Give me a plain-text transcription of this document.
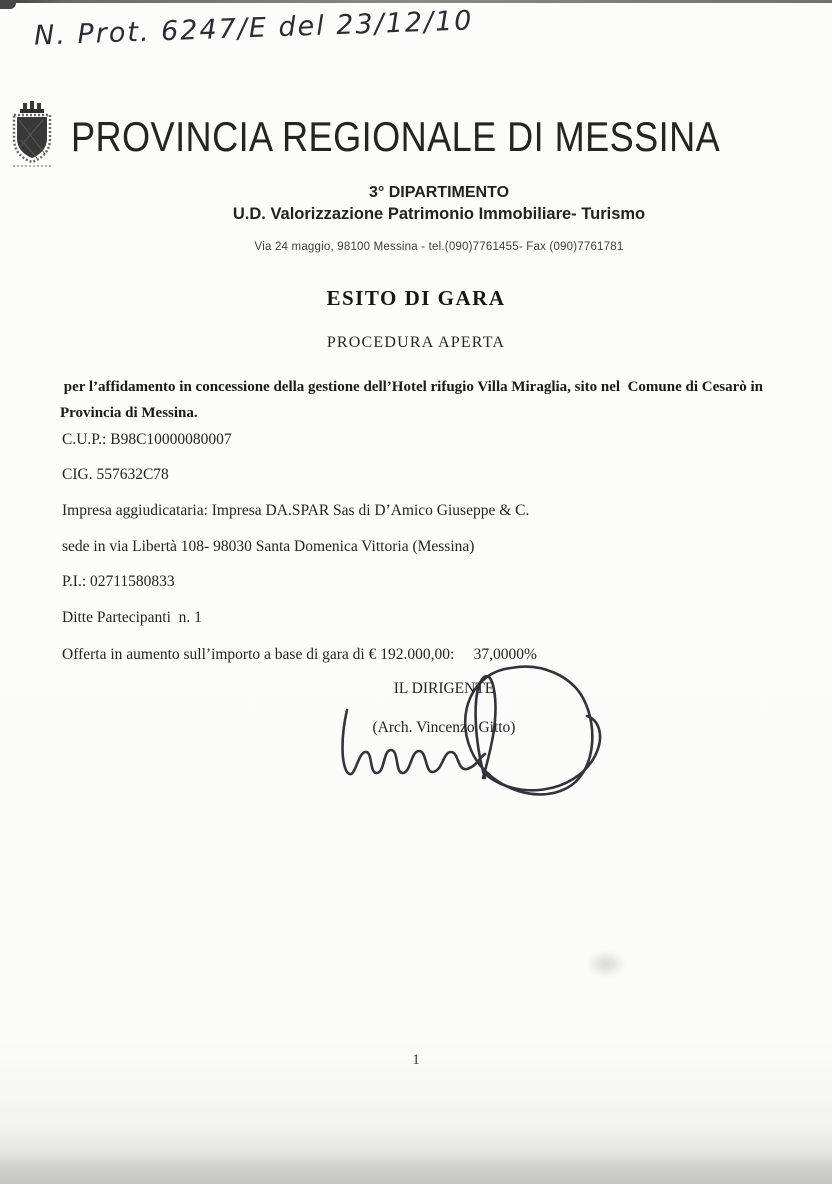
N. Prot. 6247/E del 23/12/10
PROVINCIA REGIONALE DI MESSINA
3° DIPARTIMENTO
U.D. Valorizzazione Patrimonio Immobiliare- Turismo
Via 24 maggio, 98100 Messina - tel.(090)7761455- Fax (090)7761781
ESITO DI GARA
PROCEDURA APERTA
per l’affidamento in concessione della gestione dell’Hotel rifugio Villa Miraglia, sito nel  Comune di Cesarò in Provincia di Messina.
C.U.P.: B98C10000080007
CIG. 557632C78
Impresa aggiudicataria: Impresa DA.SPAR Sas di D’Amico Giuseppe & C.
sede in via Libertà 108- 98030 Santa Domenica Vittoria (Messina)
P.I.: 02711580833
Ditte Partecipanti  n. 1
Offerta in aumento sull’importo a base di gara di € 192.000,00:     37,0000%
IL DIRIGENTE
(Arch. Vincenzo Gitto)
1
